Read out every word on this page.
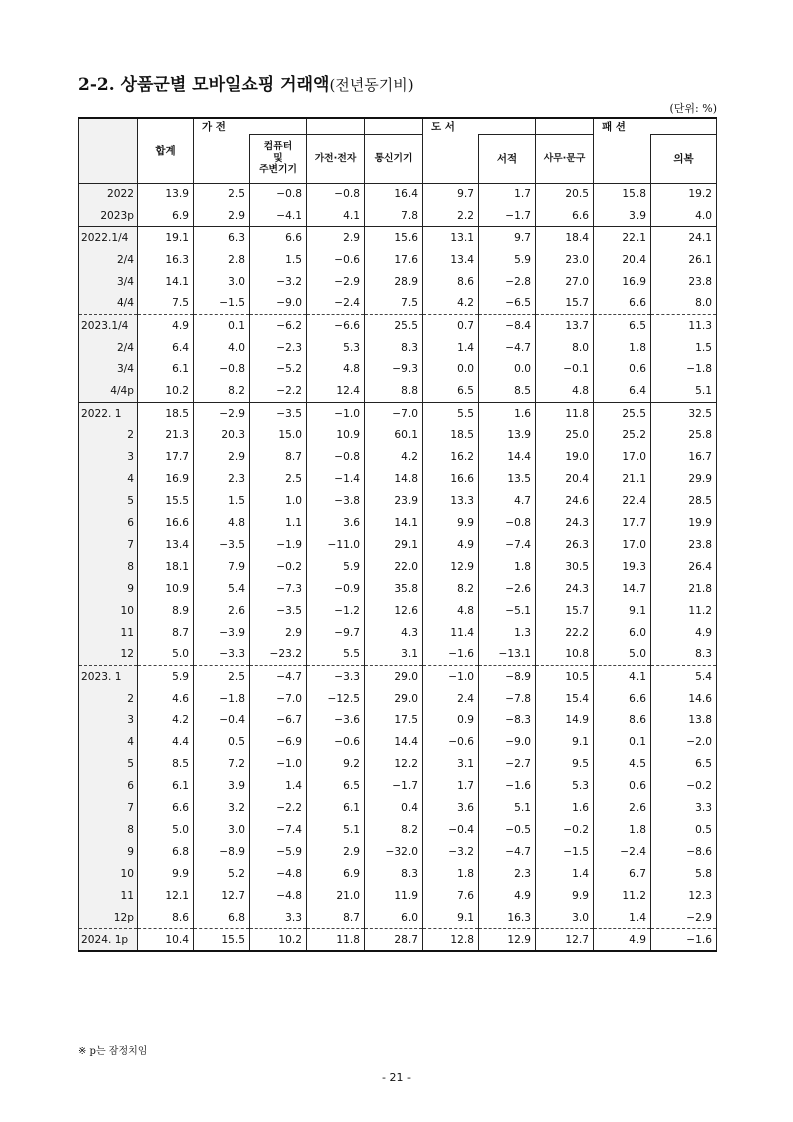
2-2. 상품군별 모바일쇼핑 거래액(전년동기비)
(단위: %)
	합계	가 전				도 서			패 션	

			컴퓨터
및
주변기기	가전·전자	통신기기		서적	사무·문구		의복
2022	13.9	2.5	−0.8	−0.8	16.4	9.7	1.7	20.5	15.8	19.2
2023p	6.9	2.9	−4.1	4.1	7.8	2.2	−1.7	6.6	3.9	4.0
2022.1/4	19.1	6.3	6.6	2.9	15.6	13.1	9.7	18.4	22.1	24.1
2/4	16.3	2.8	1.5	−0.6	17.6	13.4	5.9	23.0	20.4	26.1
3/4	14.1	3.0	−3.2	−2.9	28.9	8.6	−2.8	27.0	16.9	23.8
4/4	7.5	−1.5	−9.0	−2.4	7.5	4.2	−6.5	15.7	6.6	8.0
2023.1/4	4.9	0.1	−6.2	−6.6	25.5	0.7	−8.4	13.7	6.5	11.3
2/4	6.4	4.0	−2.3	5.3	8.3	1.4	−4.7	8.0	1.8	1.5
3/4	6.1	−0.8	−5.2	4.8	−9.3	0.0	0.0	−0.1	0.6	−1.8
4/4p	10.2	8.2	−2.2	12.4	8.8	6.5	8.5	4.8	6.4	5.1
2022. 1	18.5	−2.9	−3.5	−1.0	−7.0	5.5	1.6	11.8	25.5	32.5
2	21.3	20.3	15.0	10.9	60.1	18.5	13.9	25.0	25.2	25.8
3	17.7	2.9	8.7	−0.8	4.2	16.2	14.4	19.0	17.0	16.7
4	16.9	2.3	2.5	−1.4	14.8	16.6	13.5	20.4	21.1	29.9
5	15.5	1.5	1.0	−3.8	23.9	13.3	4.7	24.6	22.4	28.5
6	16.6	4.8	1.1	3.6	14.1	9.9	−0.8	24.3	17.7	19.9
7	13.4	−3.5	−1.9	−11.0	29.1	4.9	−7.4	26.3	17.0	23.8
8	18.1	7.9	−0.2	5.9	22.0	12.9	1.8	30.5	19.3	26.4
9	10.9	5.4	−7.3	−0.9	35.8	8.2	−2.6	24.3	14.7	21.8
10	8.9	2.6	−3.5	−1.2	12.6	4.8	−5.1	15.7	9.1	11.2
11	8.7	−3.9	2.9	−9.7	4.3	11.4	1.3	22.2	6.0	4.9
12	5.0	−3.3	−23.2	5.5	3.1	−1.6	−13.1	10.8	5.0	8.3
2023. 1	5.9	2.5	−4.7	−3.3	29.0	−1.0	−8.9	10.5	4.1	5.4
2	4.6	−1.8	−7.0	−12.5	29.0	2.4	−7.8	15.4	6.6	14.6
3	4.2	−0.4	−6.7	−3.6	17.5	0.9	−8.3	14.9	8.6	13.8
4	4.4	0.5	−6.9	−0.6	14.4	−0.6	−9.0	9.1	0.1	−2.0
5	8.5	7.2	−1.0	9.2	12.2	3.1	−2.7	9.5	4.5	6.5
6	6.1	3.9	1.4	6.5	−1.7	1.7	−1.6	5.3	0.6	−0.2
7	6.6	3.2	−2.2	6.1	0.4	3.6	5.1	1.6	2.6	3.3
8	5.0	3.0	−7.4	5.1	8.2	−0.4	−0.5	−0.2	1.8	0.5
9	6.8	−8.9	−5.9	2.9	−32.0	−3.2	−4.7	−1.5	−2.4	−8.6
10	9.9	5.2	−4.8	6.9	8.3	1.8	2.3	1.4	6.7	5.8
11	12.1	12.7	−4.8	21.0	11.9	7.6	4.9	9.9	11.2	12.3
12p	8.6	6.8	3.3	8.7	6.0	9.1	16.3	3.0	1.4	−2.9
2024. 1p	10.4	15.5	10.2	11.8	28.7	12.8	12.9	12.7	4.9	−1.6
※ p는 잠정치임
- 21 -
